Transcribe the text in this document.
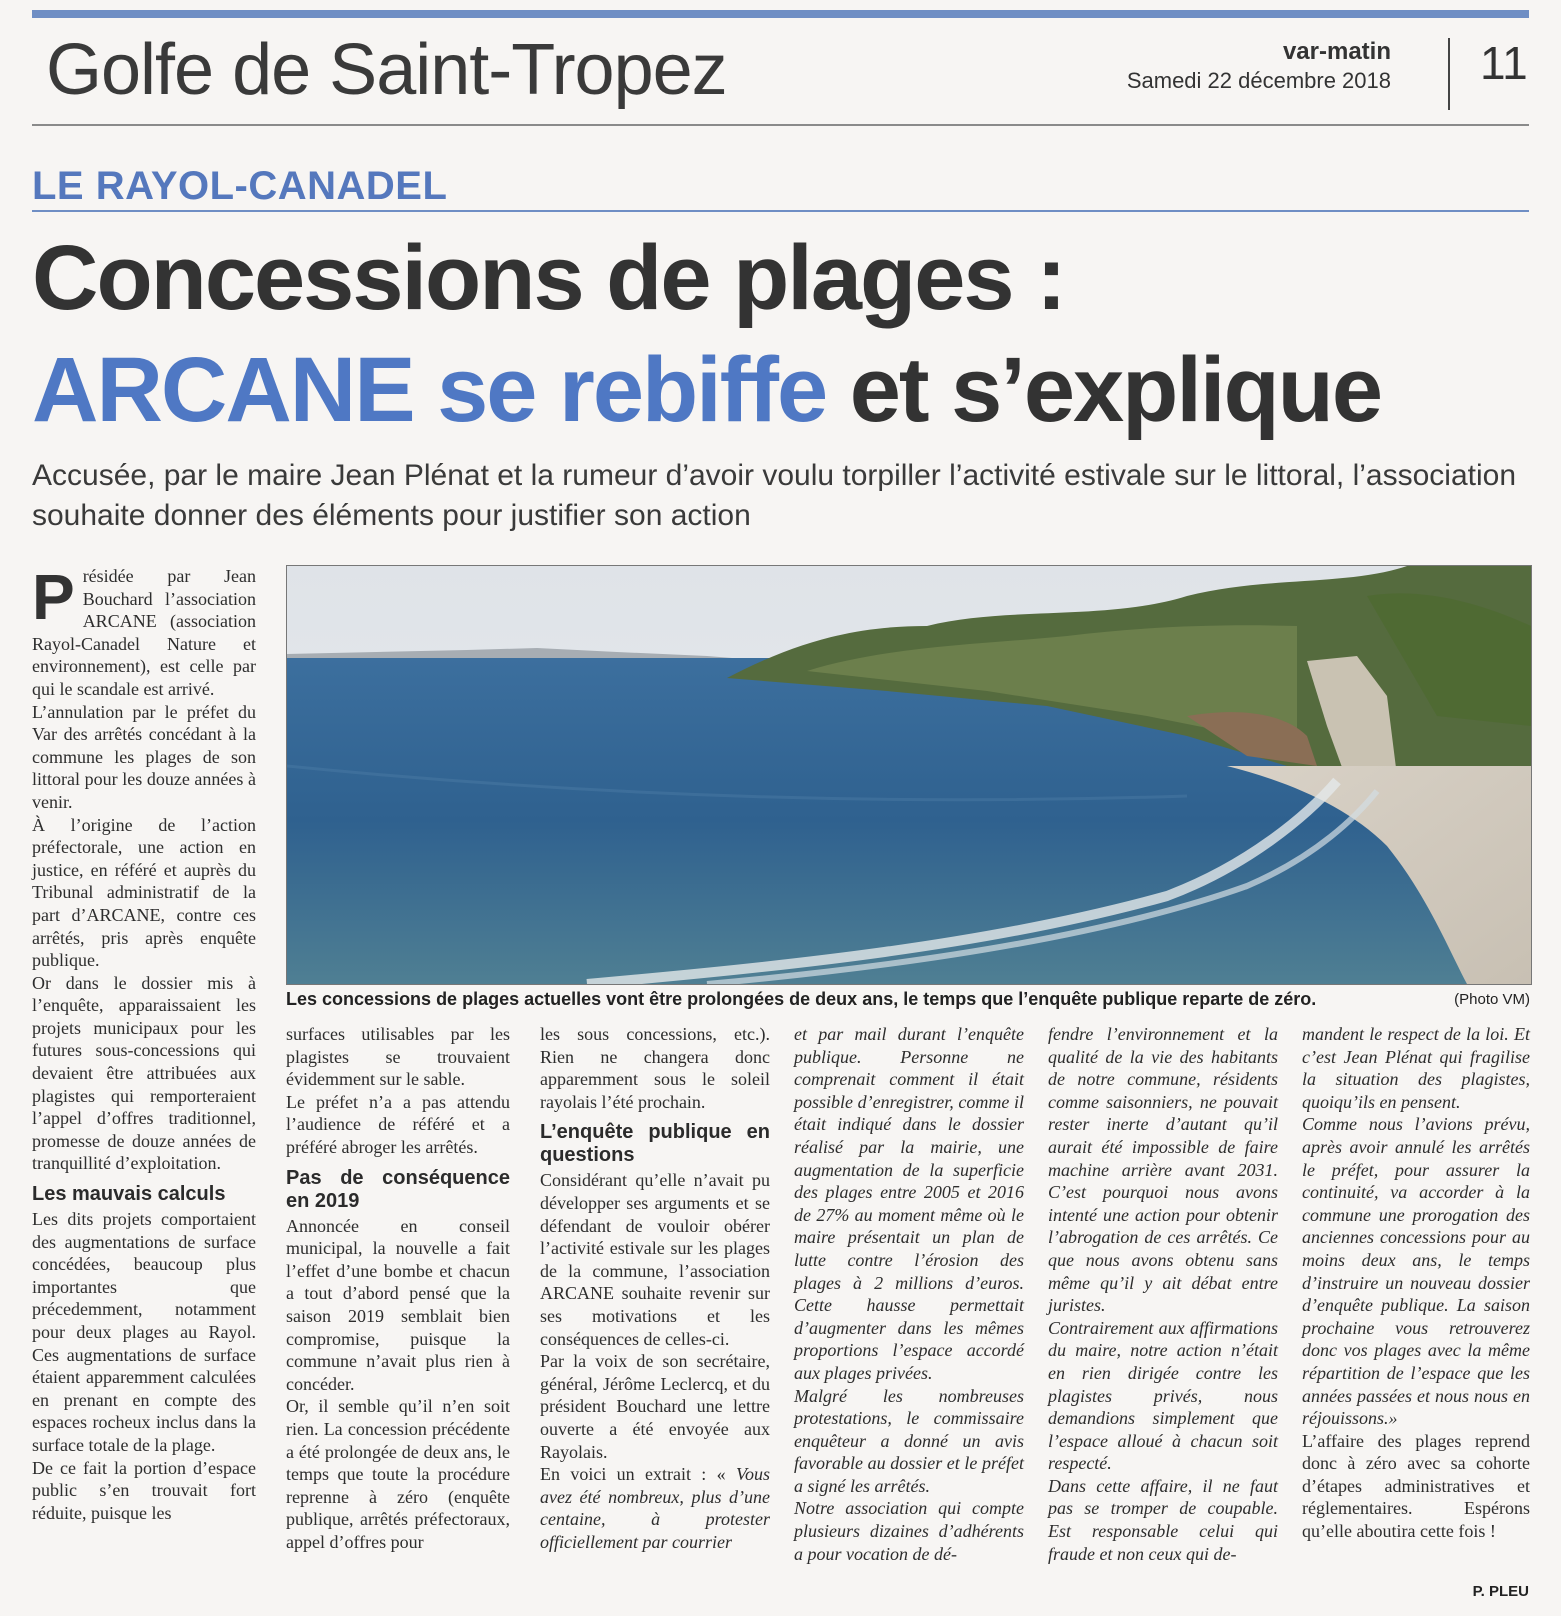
Golfe de Saint-Tropez	var-matin
Samedi 22 décembre 2018 11
LE RAYOL-CANADEL
Concessions de plages :
ARCANE se rebiffe et s’explique
Accusée, par le maire Jean Plénat et la rumeur d’avoir voulu torpiller l’activité estivale sur le littoral, l’association souhaite donner des éléments pour justifier son action
Les concessions de plages actuelles vont être prolongées de deux ans, le temps que l’enquête publique reparte de zéro.	(Photo VM)

Présidée par Jean Bouchard l’association ARCANE (association Rayol-Canadel Nature et environnement), est celle par qui le scandale est arrivé.

L’annulation par le préfet du Var des arrêtés concédant à la commune les plages de son littoral pour les douze années à venir.

À l’origine de l’action préfectorale, une action en justice, en référé et auprès du Tribunal administratif de la part d’ARCANE, contre ces arrêtés, pris après enquête publique.

Or dans le dossier mis à l’enquête, apparaissaient les projets municipaux pour les futures sous-concessions qui devaient être attribuées aux plagistes qui remporteraient l’appel d’offres traditionnel, promesse de douze années de tranquillité d’exploitation.

Les mauvais calculs

Les dits projets comportaient des augmentations de surface concédées, beaucoup plus importantes que précedemment, notamment pour deux plages au Rayol. Ces augmentations de surface étaient apparemment calculées en prenant en compte des espaces rocheux inclus dans la surface totale de la plage.

De ce fait la portion d’espace public s’en trouvait fort réduite, puisque les

surfaces utilisables par les plagistes se trouvaient évidemment sur le sable.

Le préfet n’a a pas attendu l’audience de référé et a préféré abroger les arrêtés.

Pas de conséquence en 2019

Annoncée en conseil municipal, la nouvelle a fait l’effet d’une bombe et chacun a tout d’abord pensé que la saison 2019 semblait bien compromise, puisque la commune n’avait plus rien à concéder.

Or, il semble qu’il n’en soit rien. La concession précédente a été prolongée de deux ans, le temps que toute la procédure reprenne à zéro (enquête publique, arrêtés préfectoraux, appel d’offres pour

les sous concessions, etc.). Rien ne changera donc apparemment sous le soleil rayolais l’été prochain.

L’enquête publique en questions

Considérant qu’elle n’avait pu développer ses arguments et se défendant de vouloir obérer l’activité estivale sur les plages de la commune, l’association ARCANE souhaite revenir sur ses motivations et les conséquences de celles-ci.

Par la voix de son secrétaire, général, Jérôme Leclercq, et du président Bouchard une lettre ouverte a été envoyée aux Rayolais.

En voici un extrait : « Vous avez été nombreux, plus d’une centaine, à protester officiellement par courrier

et par mail durant l’enquête publique. Personne ne comprenait comment il était possible d’enregistrer, comme il était indiqué dans le dossier réalisé par la mairie, une augmentation de la superficie des plages entre 2005 et 2016 de 27% au moment même où le maire présentait un plan de lutte contre l’érosion des plages à 2 millions d’euros. Cette hausse permettait d’augmenter dans les mêmes proportions l’espace accordé aux plages privées.

Malgré les nombreuses protestations, le commissaire enquêteur a donné un avis favorable au dossier et le préfet a signé les arrêtés.

Notre association qui compte plusieurs dizaines d’adhérents a pour vocation de dé-

fendre l’environnement et la qualité de la vie des habitants de notre commune, résidents comme saisonniers, ne pouvait rester inerte d’autant qu’il aurait été impossible de faire machine arrière avant 2031. C’est pourquoi nous avons intenté une action pour obtenir l’abrogation de ces arrêtés. Ce que nous avons obtenu sans même qu’il y ait débat entre juristes.

Contrairement aux affirmations du maire, notre action n’était en rien dirigée contre les plagistes privés, nous demandions simplement que l’espace alloué à chacun soit respecté.

Dans cette affaire, il ne faut pas se tromper de coupable. Est responsable celui qui fraude et non ceux qui de-

mandent le respect de la loi. Et c’est Jean Plénat qui fragilise la situation des plagistes, quoiqu’ils en pensent.

Comme nous l’avions prévu, après avoir annulé les arrêtés le préfet, pour assurer la continuité, va accorder à la commune une prorogation des anciennes concessions pour au moins deux ans, le temps d’instruire un nouveau dossier d’enquête publique. La saison prochaine vous retrouverez donc vos plages avec la même répartition de l’espace que les années passées et nous nous en réjouissons.»

L’affaire des plages reprend donc à zéro avec sa cohorte d’étapes administratives et réglementaires. Espérons qu’elle aboutira cette fois !

P. PLEU
